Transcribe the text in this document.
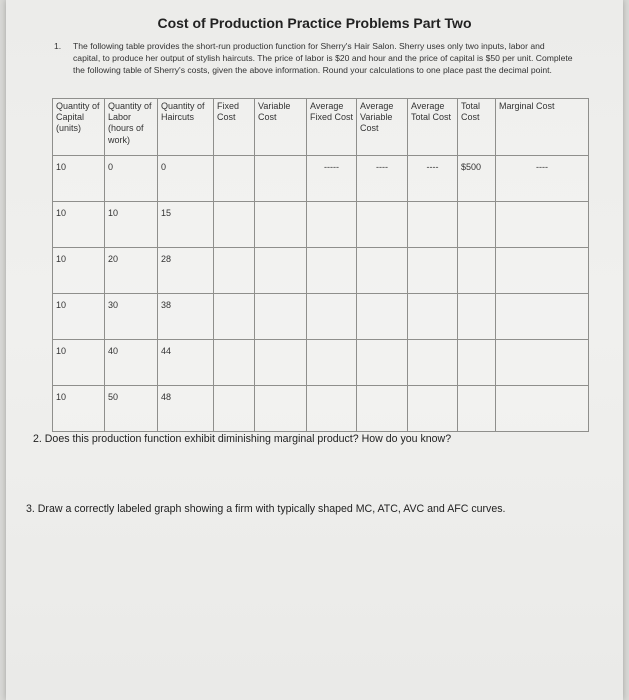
Cost of Production Practice Problems Part Two
1. The following table provides the short-run production function for Sherry's Hair Salon. Sherry uses only two inputs, labor and capital, to produce her output of stylish haircuts. The price of labor is $20 and hour and the price of capital is $50 per unit. Complete the following table of Sherry's costs, given the above information. Round your calculations to one place past the decimal point.
Quantity of Capital (units)	Quantity of Labor (hours of work)	Quantity of Haircuts	Fixed Cost	Variable Cost	Average Fixed Cost	Average Variable Cost	Average Total Cost	Total Cost	Marginal Cost
10	0	0			-----	----	----	$500	----

10	10	15							
10	20	28							
10	30	38							
10	40	44							
10	50	48							
2. Does this production function exhibit diminishing marginal product? How do you know?
3. Draw a correctly labeled graph showing a firm with typically shaped MC, ATC, AVC and AFC curves.
